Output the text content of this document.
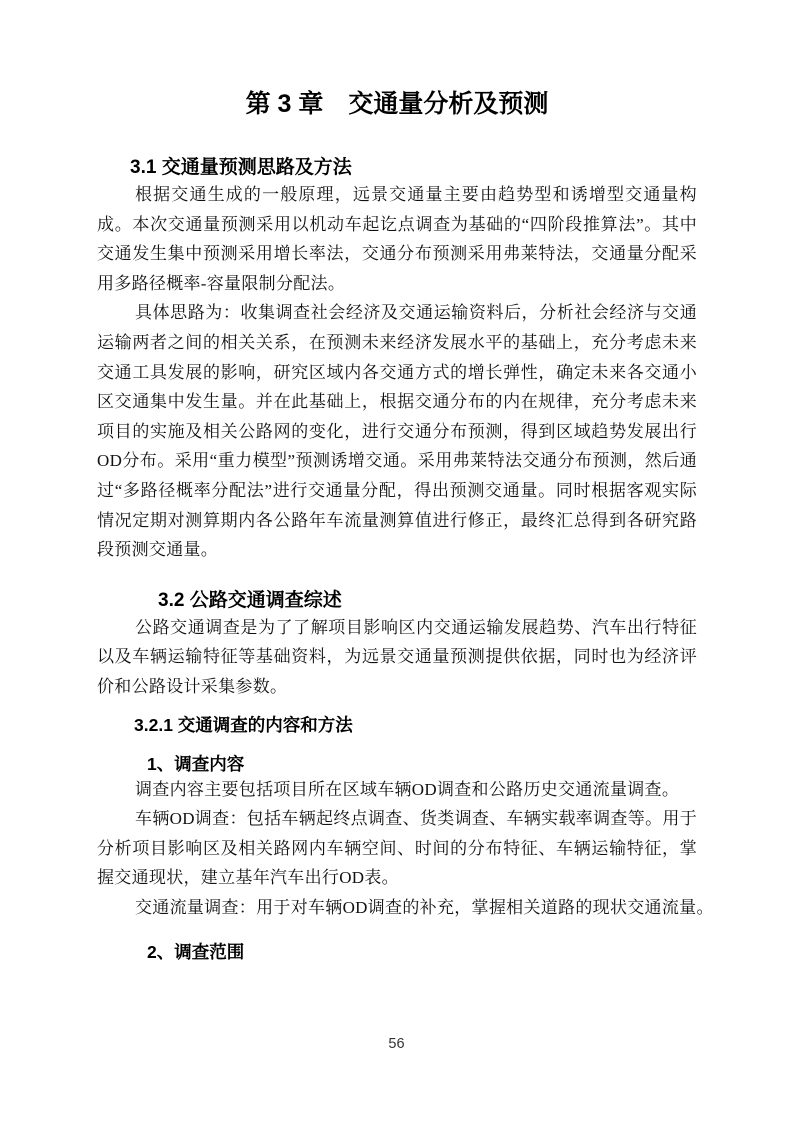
第 3 章　交通量分析及预测
3.1 交通量预测思路及方法

根据交通生成的一般原理，远景交通量主要由趋势型和诱增型交通量构成。本次交通量预测采用以机动车起讫点调查为基础的“四阶段推算法”。其中交通发生集中预测采用增长率法，交通分布预测采用弗莱特法，交通量分配采用多路径概率-容量限制分配法。

具体思路为：收集调查社会经济及交通运输资料后，分析社会经济与交通运输两者之间的相关关系，在预测未来经济发展水平的基础上，充分考虑未来交通工具发展的影响，研究区域内各交通方式的增长弹性，确定未来各交通小区交通集中发生量。并在此基础上，根据交通分布的内在规律，充分考虑未来项目的实施及相关公路网的变化，进行交通分布预测，得到区域趋势发展出行OD分布。采用“重力模型”预测诱增交通。采用弗莱特法交通分布预测，然后通过“多路径概率分配法”进行交通量分配，得出预测交通量。同时根据客观实际情况定期对测算期内各公路年车流量测算值进行修正，最终汇总得到各研究路段预测交通量。

3.2 公路交通调查综述

公路交通调查是为了了解项目影响区内交通运输发展趋势、汽车出行特征以及车辆运输特征等基础资料，为远景交通量预测提供依据，同时也为经济评价和公路设计采集参数。

3.2.1 交通调查的内容和方法
1、调查内容

调查内容主要包括项目所在区域车辆OD调查和公路历史交通流量调查。

车辆OD调查：包括车辆起终点调查、货类调查、车辆实载率调查等。用于分析项目影响区及相关路网内车辆空间、时间的分布特征、车辆运输特征，掌握交通现状，建立基年汽车出行OD表。

交通流量调查：用于对车辆OD调查的补充，掌握相关道路的现状交通流量。

2、调查范围
56
